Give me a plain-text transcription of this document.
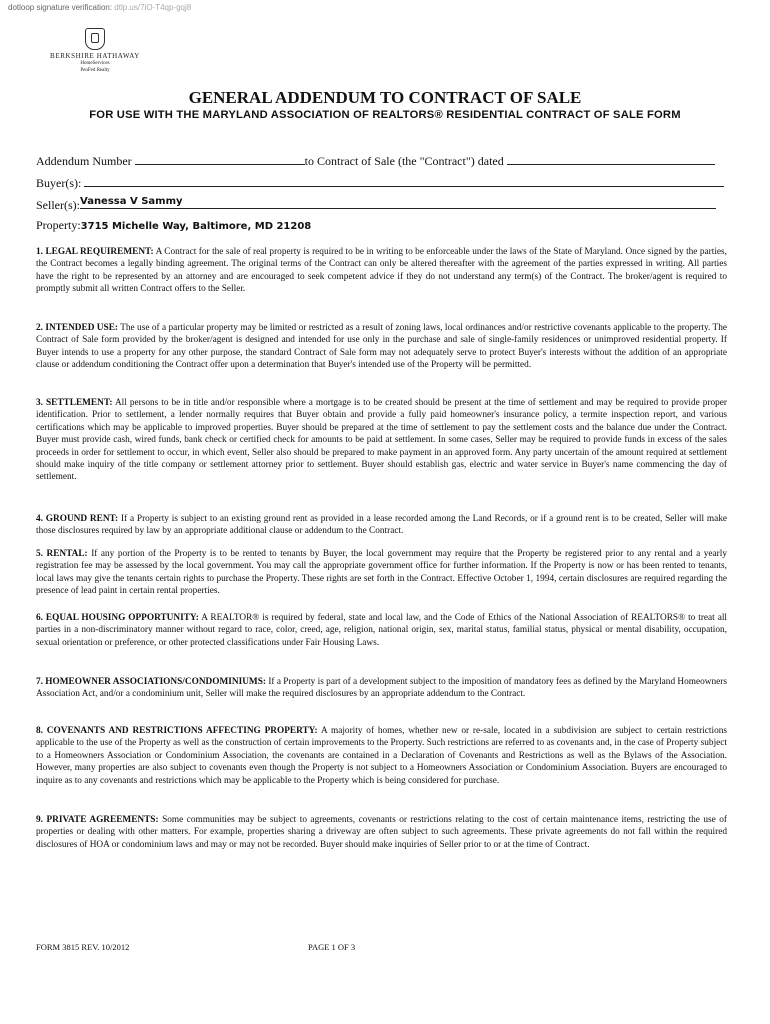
dotloop signature verification: dtlp.us/7iO-T4qp-gqj8
BERKSHIRE HATHAWAY
HomeServices
PenFed Realty
GENERAL ADDENDUM TO CONTRACT OF SALE
FOR USE WITH THE MARYLAND ASSOCIATION OF REALTORS® RESIDENTIAL CONTRACT OF SALE FORM
Addendum Number	to Contract of Sale (the "Contract") dated
Buyer(s):
Seller(s): Vanessa V Sammy
Property:3715 Michelle Way, Baltimore, MD 21208
1. LEGAL REQUIREMENT: A Contract for the sale of real property is required to be in writing to be enforceable under the laws of the State of Maryland. Once signed by the parties, the Contract becomes a legally binding agreement. The original terms of the Contract can only be altered thereafter with the agreement of the parties expressed in writing. All parties have the right to be represented by an attorney and are encouraged to seek competent advice if they do not understand any term(s) of the Contract. The broker/agent is required to promptly submit all written Contract offers to the Seller.
2. INTENDED USE: The use of a particular property may be limited or restricted as a result of zoning laws, local ordinances and/or restrictive covenants applicable to the property. The Contract of Sale form provided by the broker/agent is designed and intended for use only in the purchase and sale of single-family residences or unimproved residential property. If Buyer intends to use a property for any other purpose, the standard Contract of Sale form may not adequately serve to protect Buyer's interests without the addition of an appropriate clause or addendum conditioning the Contract offer upon a determination that Buyer's intended use of the Property will be permitted.
3. SETTLEMENT: All persons to be in title and/or responsible where a mortgage is to be created should be present at the time of settlement and may be required to provide proper identification. Prior to settlement, a lender normally requires that Buyer obtain and provide a fully paid homeowner's insurance policy, a termite inspection report, and various certifications which may be applicable to improved properties. Buyer should be prepared at the time of settlement to pay the settlement costs and the balance due under the Contract. Buyer must provide cash, wired funds, bank check or certified check for amounts to be paid at settlement. In some cases, Seller may be required to provide funds in excess of the sales proceeds in order for settlement to occur, in which event, Seller also should be prepared to make payment in an approved form. Any party uncertain of the amount required at settlement should make inquiry of the title company or settlement attorney prior to settlement. Buyer should establish gas, electric and water service in Buyer's name commencing the day of settlement.
4. GROUND RENT: If a Property is subject to an existing ground rent as provided in a lease recorded among the Land Records, or if a ground rent is to be created, Seller will make those disclosures required by law by an appropriate additional clause or addendum to the Contract.
5. RENTAL: If any portion of the Property is to be rented to tenants by Buyer, the local government may require that the Property be registered prior to any rental and a yearly registration fee may be assessed by the local government. You may call the appropriate government office for further information. If the Property is now or has been rented to tenants, local laws may give the tenants certain rights to purchase the Property. These rights are set forth in the Contract. Effective October 1, 1994, certain disclosures are required regarding the presence of lead paint in certain rental properties.
6. EQUAL HOUSING OPPORTUNITY: A REALTOR® is required by federal, state and local law, and the Code of Ethics of the National Association of REALTORS® to treat all parties in a non-discriminatory manner without regard to race, color, creed, age, religion, national origin, sex, marital status, familial status, physical or mental disability, occupation, sexual orientation or preference, or other protected classifications under Fair Housing Laws.
7. HOMEOWNER ASSOCIATIONS/CONDOMINIUMS: If a Property is part of a development subject to the imposition of mandatory fees as defined by the Maryland Homeowners Association Act, and/or a condominium unit, Seller will make the required disclosures by an appropriate addendum to the Contract.
8. COVENANTS AND RESTRICTIONS AFFECTING PROPERTY: A majority of homes, whether new or re-sale, located in a subdivision are subject to certain restrictions applicable to the use of the Property as well as the construction of certain improvements to the Property. Such restrictions are referred to as covenants and, in the case of Property subject to a Homeowners Association or Condominium Association, the covenants are contained in a Declaration of Covenants and Restrictions as well as the Bylaws of the Association. However, many properties are also subject to covenants even though the Property is not subject to a Homeowners Association or Condominium Association. Buyers are encouraged to inquire as to any covenants and restrictions which may be applicable to the Property which is being considered for purchase.
9. PRIVATE AGREEMENTS: Some communities may be subject to agreements, covenants or restrictions relating to the cost of certain maintenance items, restricting the use of properties or dealing with other matters. For example, properties sharing a driveway are often subject to such agreements. These private agreements do not fall within the required disclosures of HOA or condominium laws and may or may not be recorded. Buyer should make inquiries of Seller prior to or at the time of Contract.
FORM 3815 REV. 10/2012	PAGE 1 OF 3
